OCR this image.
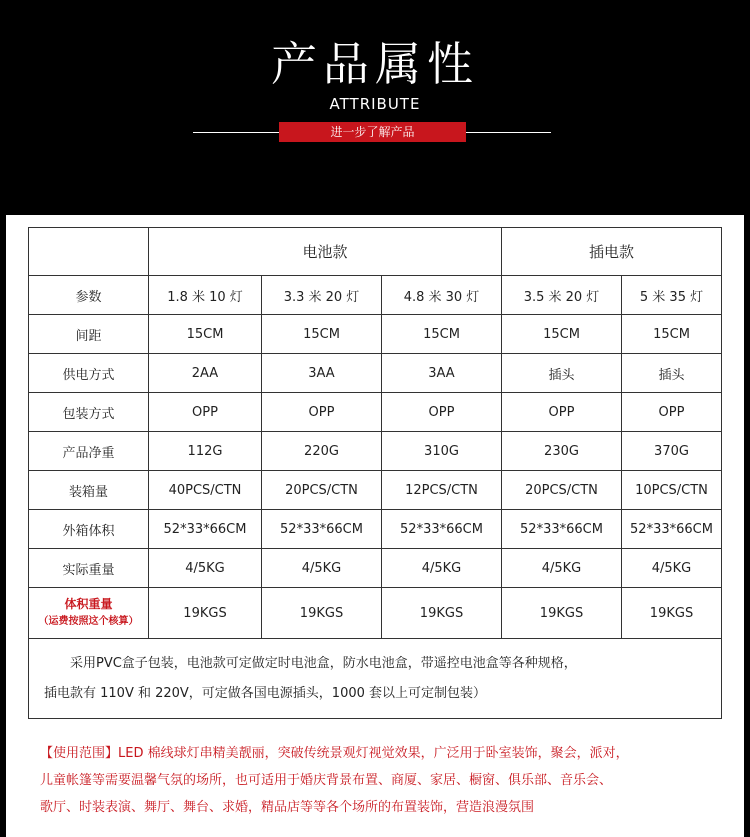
产品属性
ATTRIBUTE
进一步了解产品
	电池款			插电款	
参数	1.8 米 10 灯	3.3 米 20 灯	4.8 米 30 灯	3.5 米 20 灯	5 米 35 灯
间距	15CM	15CM	15CM	15CM	15CM
供电方式	2AA	3AA	3AA	插头	插头
包装方式	OPP	OPP	OPP	OPP	OPP
产品净重	112G	220G	310G	230G	370G
装箱量	40PCS/CTN	20PCS/CTN	12PCS/CTN	20PCS/CTN	10PCS/CTN
外箱体积	52*33*66CM	52*33*66CM	52*33*66CM	52*33*66CM	52*33*66CM
实际重量	4/5KG	4/5KG	4/5KG	4/5KG	4/5KG

体积重量
（运费按照这个核算）	19KGS	19KGS	19KGS	19KGS	19KGS

采用PVC盒子包装，电池款可定做定时电池盒，防水电池盒，带遥控电池盒等各种规格，
插电款有 110V 和 220V，可定做各国电源插头，1000 套以上可定制包装）					
【使用范围】LED 棉线球灯串精美靓丽，突破传统景观灯视觉效果，广泛用于卧室装饰，聚会，派对，
儿童帐篷等需要温馨气氛的场所，也可适用于婚庆背景布置、商厦、家居、橱窗、俱乐部、音乐会、
歌厅、时装表演、舞厅、舞台、求婚，精品店等等各个场所的布置装饰，营造浪漫氛围
